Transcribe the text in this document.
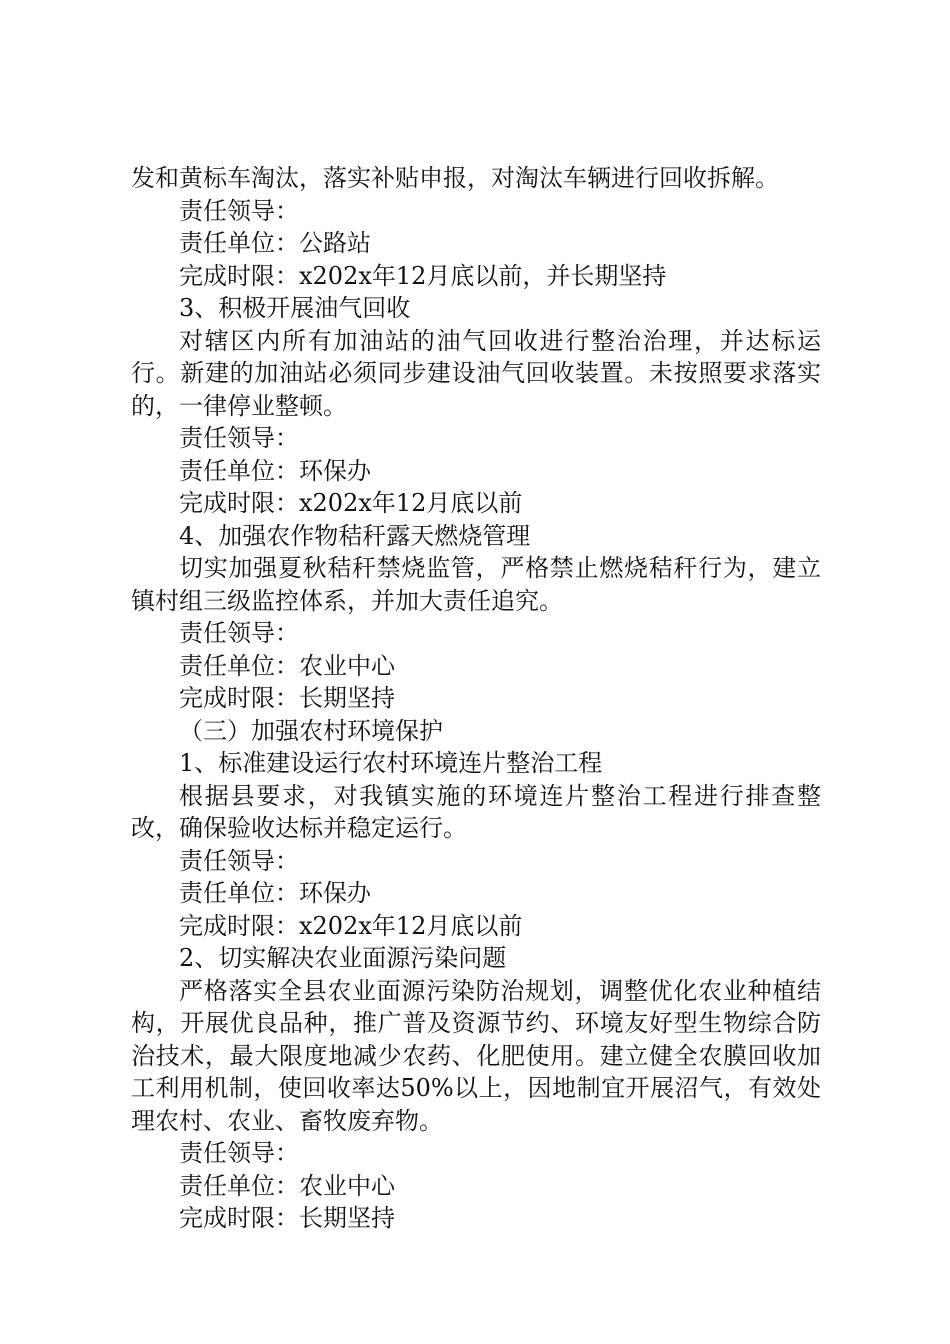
发和黄标车淘汰，落实补贴申报，对淘汰车辆进行回收拆解。

责任领导：

责任单位：公路站

完成时限：x202x年12月底以前，并长期坚持

3、积极开展油气回收

对辖区内所有加油站的油气回收进行整治治理，并达标运行。新建的加油站必须同步建设油气回收装置。未按照要求落实的，一律停业整顿。

责任领导：

责任单位：环保办

完成时限：x202x年12月底以前

4、加强农作物秸秆露天燃烧管理

切实加强夏秋秸秆禁烧监管，严格禁止燃烧秸秆行为，建立镇村组三级监控体系，并加大责任追究。

责任领导：

责任单位：农业中心

完成时限：长期坚持

（三）加强农村环境保护

1、标准建设运行农村环境连片整治工程

根据县要求，对我镇实施的环境连片整治工程进行排查整改，确保验收达标并稳定运行。

责任领导：

责任单位：环保办

完成时限：x202x年12月底以前

2、切实解决农业面源污染问题

严格落实全县农业面源污染防治规划，调整优化农业种植结构，开展优良品种，推广普及资源节约、环境友好型生物综合防治技术，最大限度地减少农药、化肥使用。建立健全农膜回收加工利用机制，使回收率达50%以上，因地制宜开展沼气，有效处理农村、农业、畜牧废弃物。

责任领导：

责任单位：农业中心

完成时限：长期坚持
